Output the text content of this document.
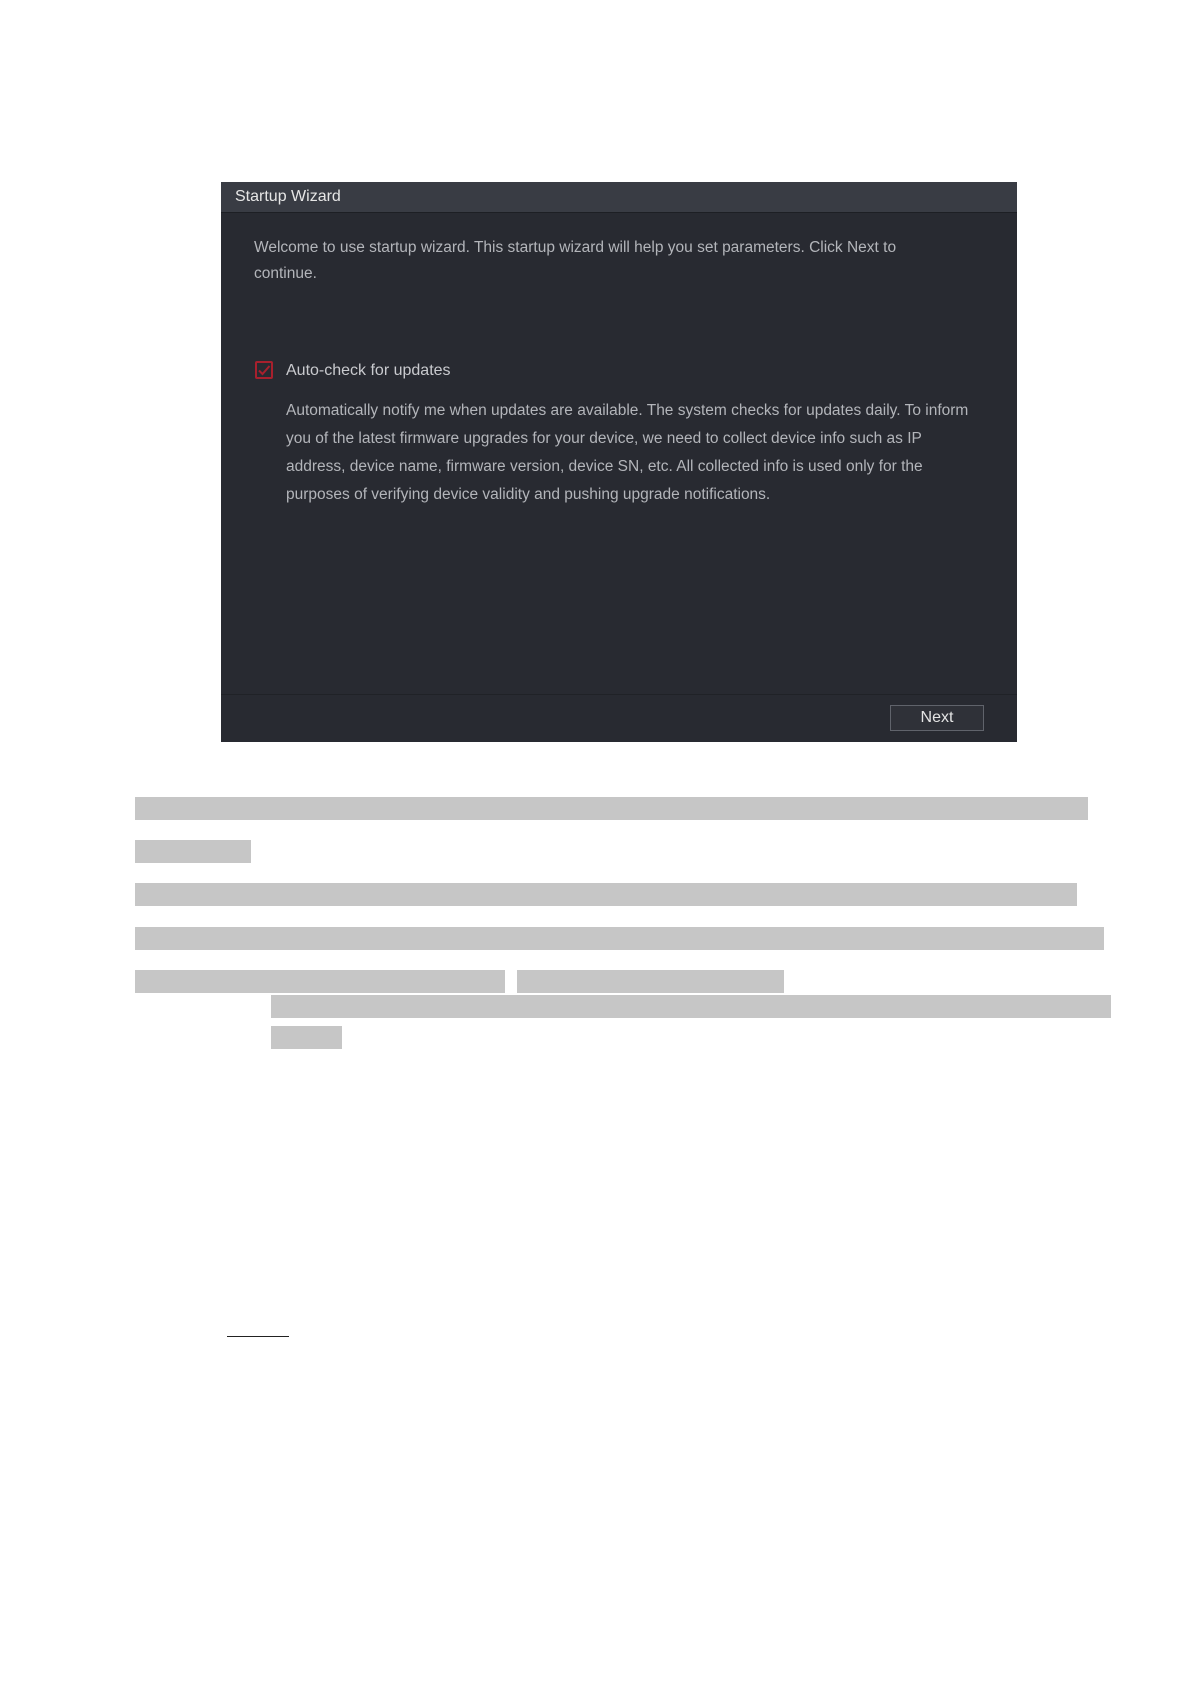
Startup Wizard
Welcome to use startup wizard. This startup wizard will help you set parameters. Click Next to continue.
Auto-check for updates
Automatically notify me when updates are available. The system checks for updates daily. To inform you of the latest firmware upgrades for your device, we need to collect device info such as IP address, device name, firmware version, device SN, etc. All collected info is used only for the purposes of verifying device validity and pushing upgrade notifications.
Next
